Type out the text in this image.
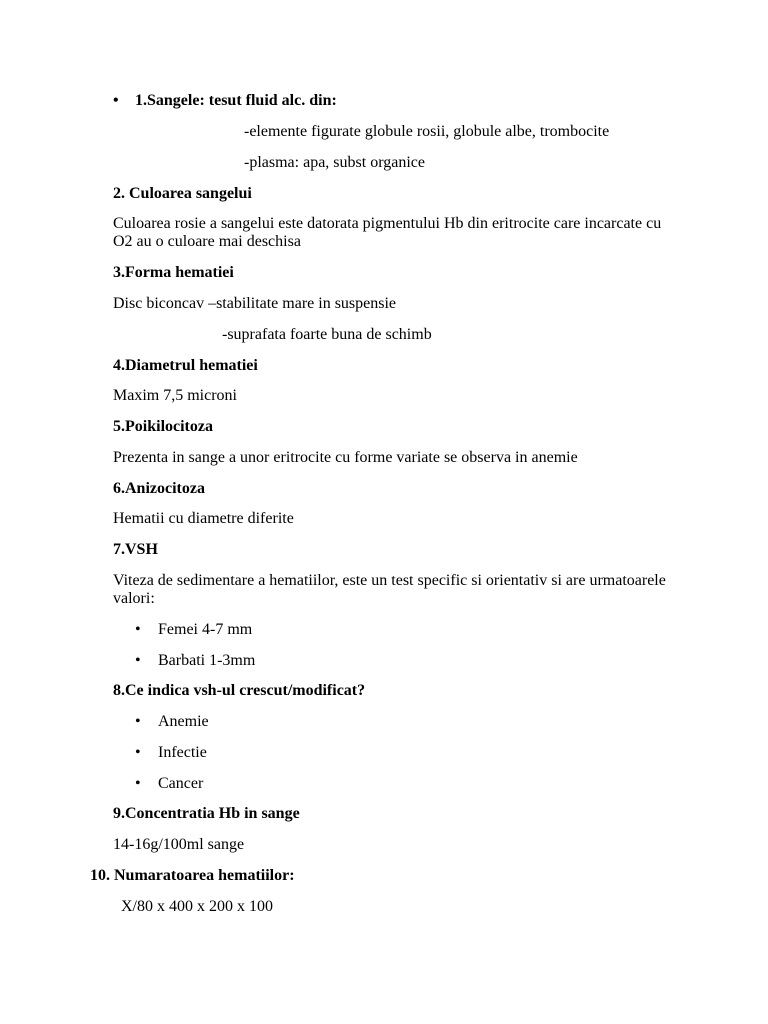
• 1.Sangele: tesut fluid alc. din:
-elemente figurate globule rosii, globule albe, trombocite
-plasma: apa, subst organice
2. Culoarea sangelui
Culoarea rosie a sangelui este datorata pigmentului Hb din eritrocite care incarcate cu O2 au o culoare mai deschisa
3.Forma hematiei
Disc biconcav –stabilitate mare in suspensie
-suprafata foarte buna de schimb
4.Diametrul hematiei
Maxim 7,5 microni
5.Poikilocitoza
Prezenta in sange a unor eritrocite cu forme variate se observa in anemie
6.Anizocitoza
Hematii cu diametre diferite
7.VSH
Viteza de sedimentare a hematiilor, este un test specific si orientativ si are urmatoarele valori:
• Femei 4-7 mm
• Barbati 1-3mm
8.Ce indica vsh-ul crescut/modificat?
• Anemie
• Infectie
• Cancer
9.Concentratia Hb in sange
14-16g/100ml sange
10. Numaratoarea hematiilor:
X/80 x 400 x 200 x 100
